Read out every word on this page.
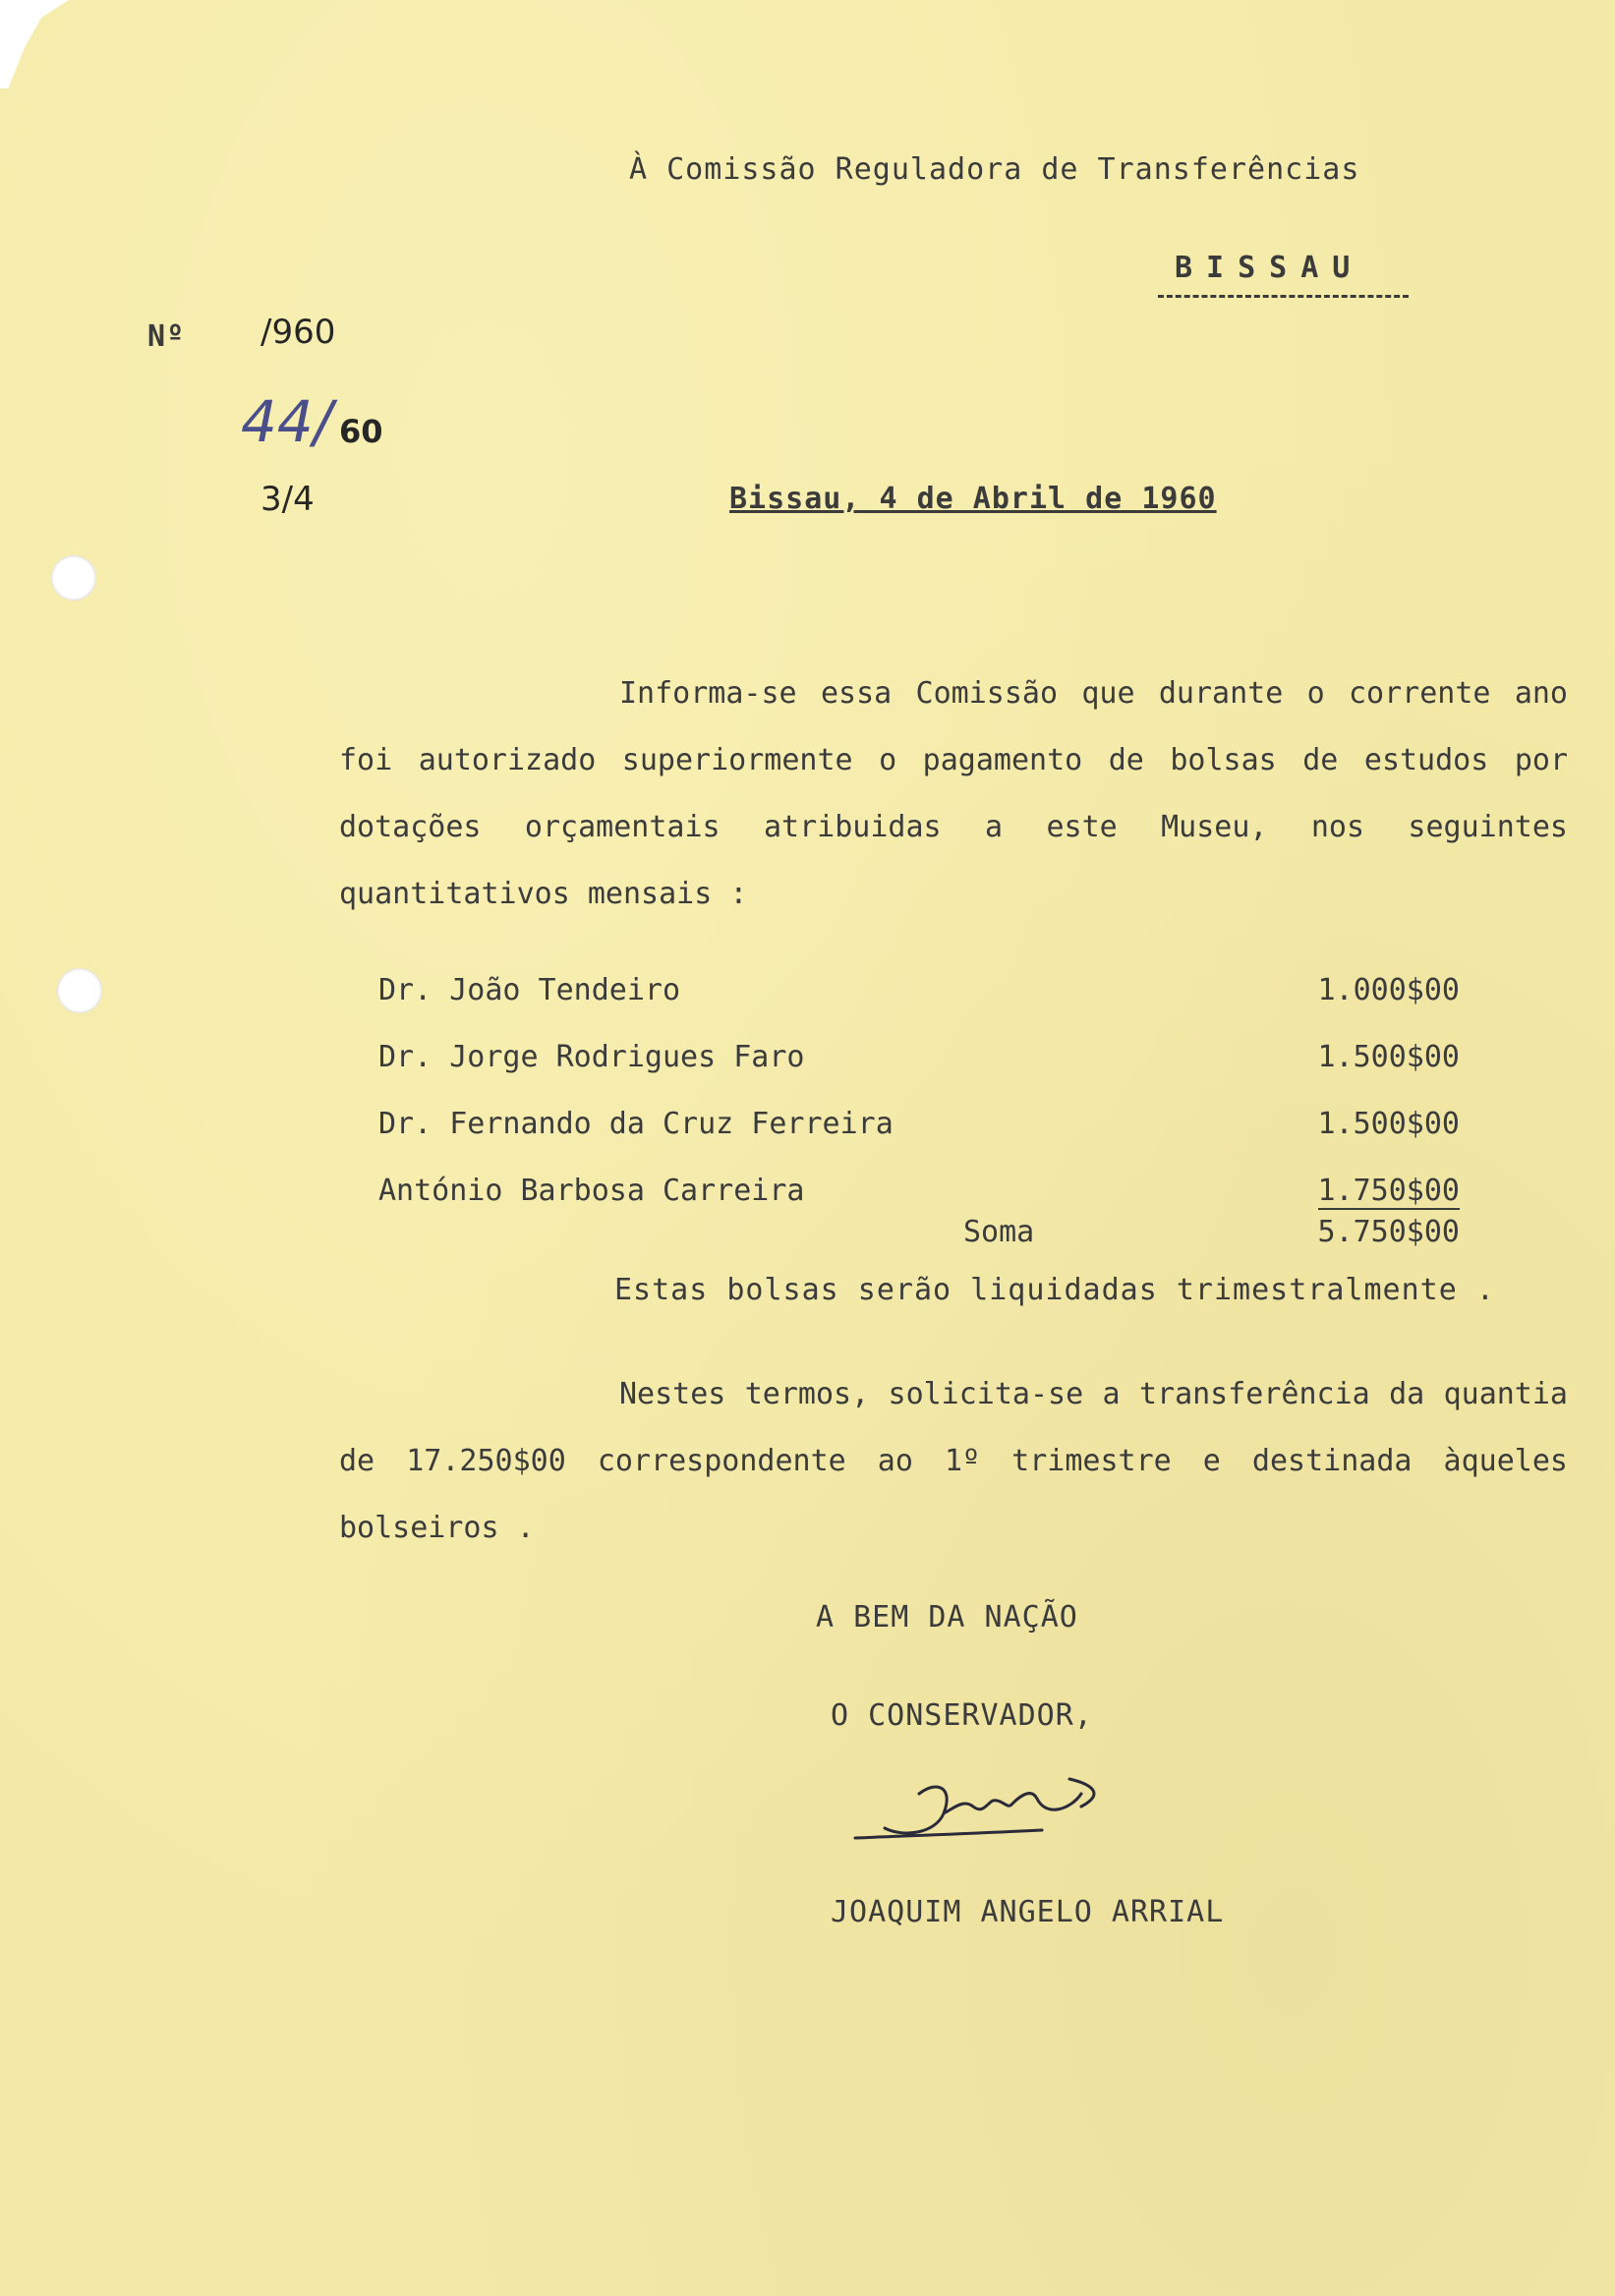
À Comissão Reguladora de Transferências
BISSAU
Nº /960
44/ 60
3/4	Bissau, 4 de Abril de 1960
Informa-se essa Comissão que durante o corrente ano foi autorizado superiormente o pagamento de bolsas de estudos por dotações orçamentais atribuidas a este Museu, nos seguintes quantitativos mensais :
Dr. João Tendeiro	1.000$00
Dr. Jorge Rodrigues Faro	1.500$00
Dr. Fernando da Cruz Ferreira	1.500$00
António Barbosa Carreira	1.750$00
Soma	5.750$00
Estas bolsas serão liquidadas trimestralmente .
Nestes termos, solicita-se a transferência da quantia de 17.250$00 correspondente ao 1º trimestre e destinada àqueles bolseiros .
A BEM DA NAÇÃO
O CONSERVADOR,
JOAQUIM ANGELO ARRIAL
